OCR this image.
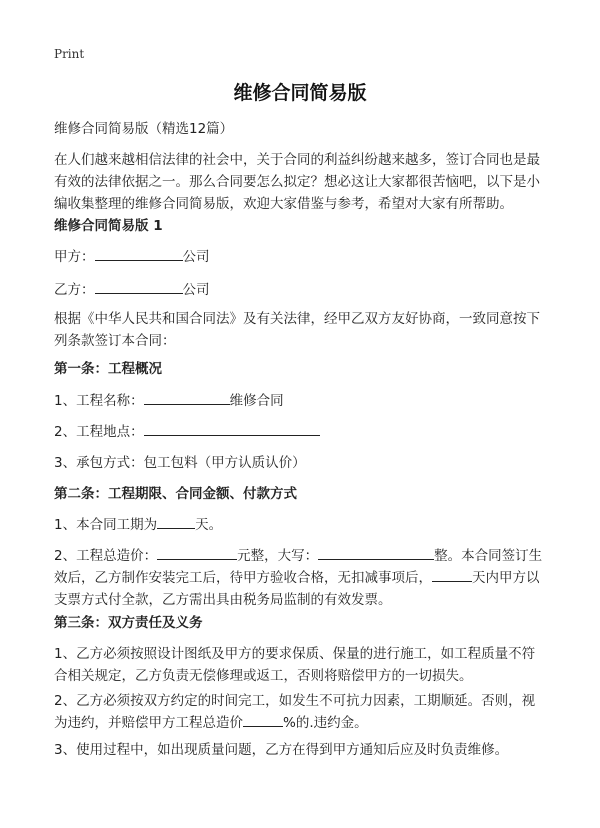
Print
维修合同简易版
维修合同简易版（精选12篇）
在人们越来越相信法律的社会中，关于合同的利益纠纷越来越多，签订合同也是最有效的法律依据之一。那么合同要怎么拟定？想必这让大家都很苦恼吧，以下是小编收集整理的维修合同简易版，欢迎大家借鉴与参考，希望对大家有所帮助。
维修合同简易版 1
甲方：	公司
乙方：	公司
根据《中华人民共和国合同法》及有关法律，经甲乙双方友好协商，一致同意按下列条款签订本合同：
第一条：工程概况
1、工程名称：	维修合同
2、工程地点：
3、承包方式：包工包料（甲方认质认价）
第二条：工程期限、合同金额、付款方式
1、本合同工期为	天。
2、工程总造价：	元整，大写：	整。本合同签订生效后，乙方制作安装完工后，待甲方验收合格，无扣减事项后，	天内甲方以支票方式付全款，乙方需出具由税务局监制的有效发票。
第三条：双方责任及义务
1、乙方必须按照设计图纸及甲方的要求保质、保量的进行施工，如工程质量不符合相关规定，乙方负责无偿修理或返工，否则将赔偿甲方的一切损失。
2、乙方必须按双方约定的时间完工，如发生不可抗力因素，工期顺延。否则，视为违约，并赔偿甲方工程总造价	%的.违约金。
3、使用过程中，如出现质量问题，乙方在得到甲方通知后应及时负责维修。
